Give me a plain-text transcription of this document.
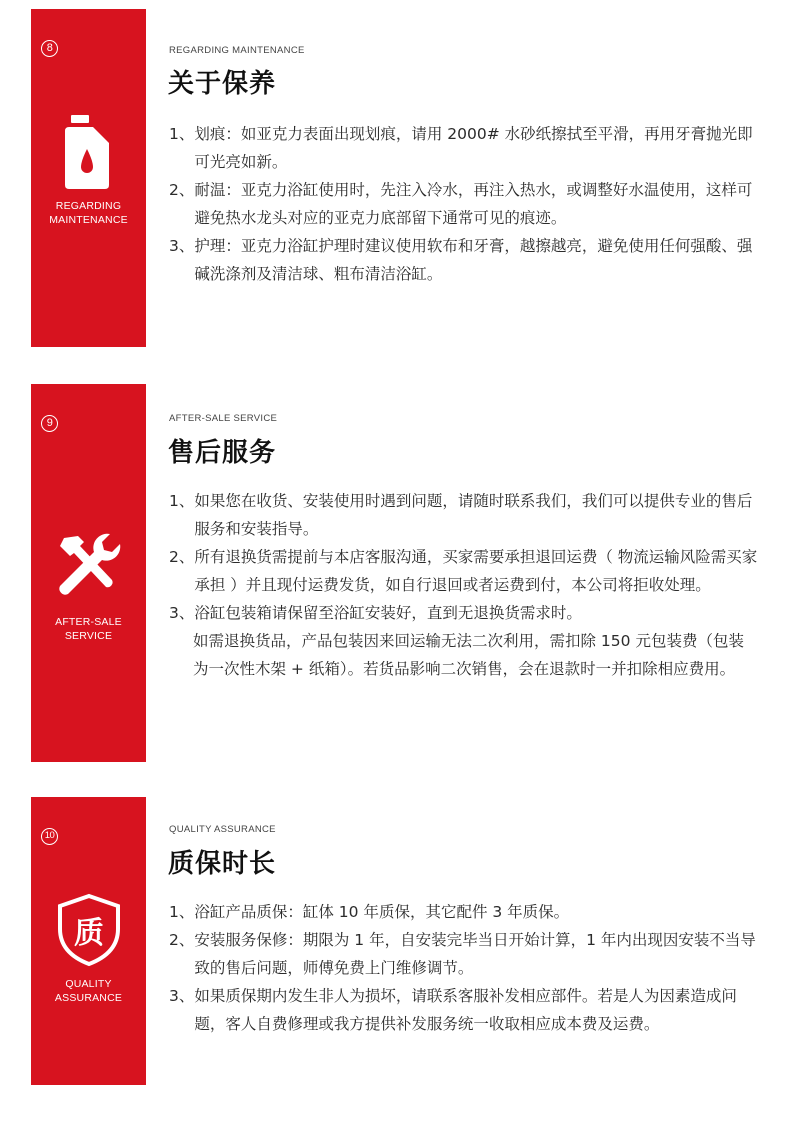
8
REGARDING
MAINTENANCE
REGARDING MAINTENANCE
关于保养
1、 划痕：如亚克力表面出现划痕，请用 2000# 水砂纸擦拭至平滑，再用牙膏抛光即可光亮如新。
2、 耐温：亚克力浴缸使用时，先注入冷水，再注入热水，或调整好水温使用，这样可避免热水龙头对应的亚克力底部留下通常可见的痕迹。
3、 护理：亚克力浴缸护理时建议使用软布和牙膏，越擦越亮，避免使用任何强酸、强碱洗涤剂及清洁球、粗布清洁浴缸。
9
AFTER-SALE
SERVICE
AFTER-SALE SERVICE
售后服务
1、 如果您在收货、安装使用时遇到问题，请随时联系我们，我们可以提供专业的售后服务和安装指导。
2、 所有退换货需提前与本店客服沟通，买家需要承担退回运费（ 物流运输风险需买家承担 ）并且现付运费发货，如自行退回或者运费到付，本公司将拒收处理。
3、 浴缸包装箱请保留至浴缸安装好，直到无退换货需求时。
如需退换货品，产品包装因来回运输无法二次利用，需扣除 150 元包装费（包装为一次性木架 + 纸箱）。若货品影响二次销售，会在退款时一并扣除相应费用。
10
质
QUALITY
ASSURANCE
QUALITY ASSURANCE
质保时长
1、 浴缸产品质保：缸体 10 年质保，其它配件 3 年质保。
2、 安装服务保修：期限为 1 年，自安装完毕当日开始计算，1 年内出现因安装不当导致的售后问题，师傅免费上门维修调节。
3、 如果质保期内发生非人为损坏，请联系客服补发相应部件。若是人为因素造成问题，客人自费修理或我方提供补发服务统一收取相应成本费及运费。
